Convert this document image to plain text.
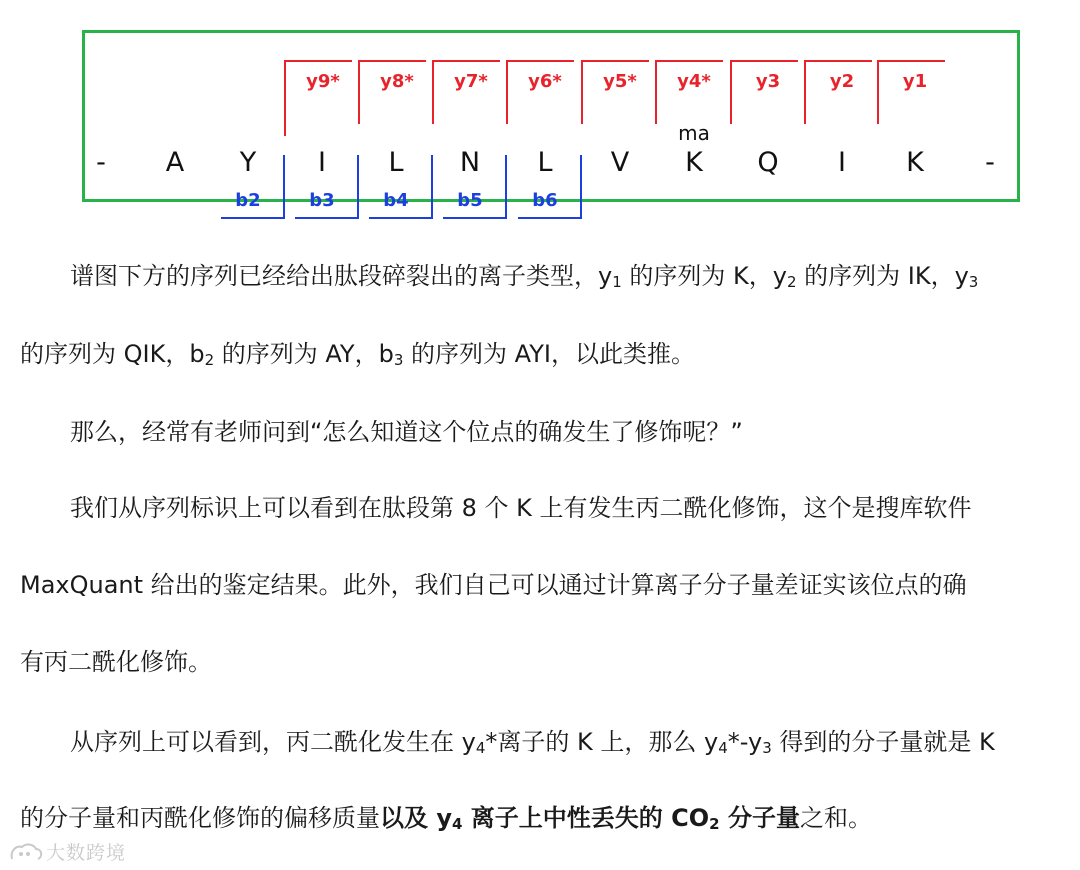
- A Y I L N L V K Q I K -
y9* y8* y7* y6* y5* y4*	y3	y2	y1
ma
b2	b3	b4	b5	b6
谱图下方的序列已经给出肽段碎裂出的离子类型，$y_1$ 的序列为 K，$y_2$ 的序列为 IK，$y_3$
的序列为 QIK，$b_2$ 的序列为 AY，$b_3$ 的序列为 AYI，以此类推。
那么，经常有老师问到“怎么知道这个位点的确发生了修饰呢？”
我们从序列标识上可以看到在肽段第 8 个 K 上有发生丙二酰化修饰，这个是搜库软件
MaxQuant 给出的鉴定结果。此外，我们自己可以通过计算离子分子量差证实该位点的确
有丙二酰化修饰。
从序列上可以看到，丙二酰化发生在 $y_4*$离子的 K 上，那么 $y_4*-y_3$ 得到的分子量就是 K
的分子量和丙酰化修饰的偏移质量以及 $y_4$ 离子上中性丢失的 $CO_2$ 分子量之和。
大数跨境
